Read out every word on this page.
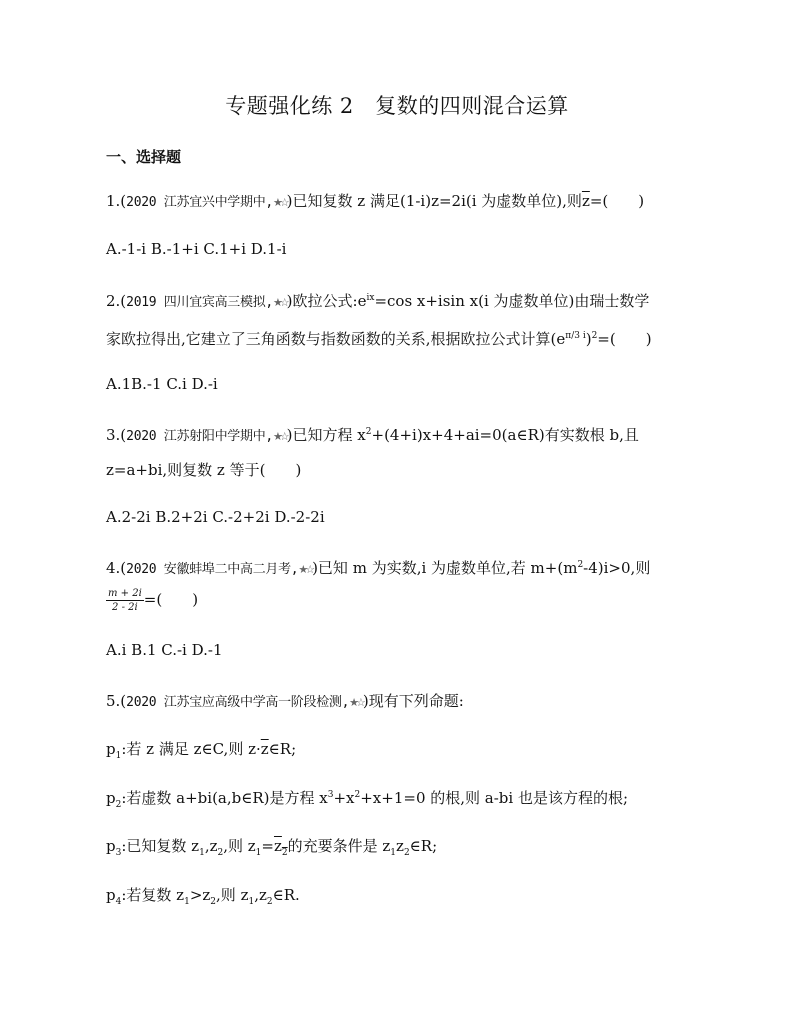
专题强化练 2　复数的四则混合运算
一、选择题
1.(2020 江苏宜兴中学期中,★☆)已知复数 z 满足(1-i)z=2i(i 为虚数单位),则$\overline{z}=$(　　)
A.-1-i B.-1+i C.1+i D.1-i
2.(2019 四川宜宾高三模拟,★☆)欧拉公式$:e^{ix}=\cos$ x+isin x(i 为虚数单位)由瑞士数学
家欧拉得出,它建立了三角函数与指数函数的关系,根据欧拉公式计算$(e^{\pi/3 i})^2=$(　　)
A.1B.-1 C.i D.-i
3.(2020 江苏射阳中学期中,★☆)已知方程 $x^2+(4+i)x+4+ai=0(a\in R)$有实数根 b,且
z=a+bi,则复数 z 等于(　　)
A.2-2i B.2+2i C.-2+2i D.-2-2i
4.(2020 安徽蚌埠二中高二月考,★☆)已知 m 为实数,i 为虚数单位,若 $m+(m^2-4)i>0$,则
$\frac{m + 2i}{2 - 2i}$ =(　　)
A.i B.1 C.-i D.-1
5.(2020 江苏宝应高级中学高一阶段检测,★☆)现有下列命题:
$p_1$:若 z 满足 z∈C,则 $z\cdot\overline{z}\in R$;
$p_2$:若虚数 a+bi(a,b∈R)是方程 $x^3+x^2+x+1=0$ 的根,则 a-bi 也是该方程的根;
$p_3$:已知复数 $z_1,z_2$,则 $z_1=z_2$的充要条件是 $z_1z_2\in R$;
$p_4$:若复数 $z_1>z_2$,则 $z_1,z_2\in R$.
